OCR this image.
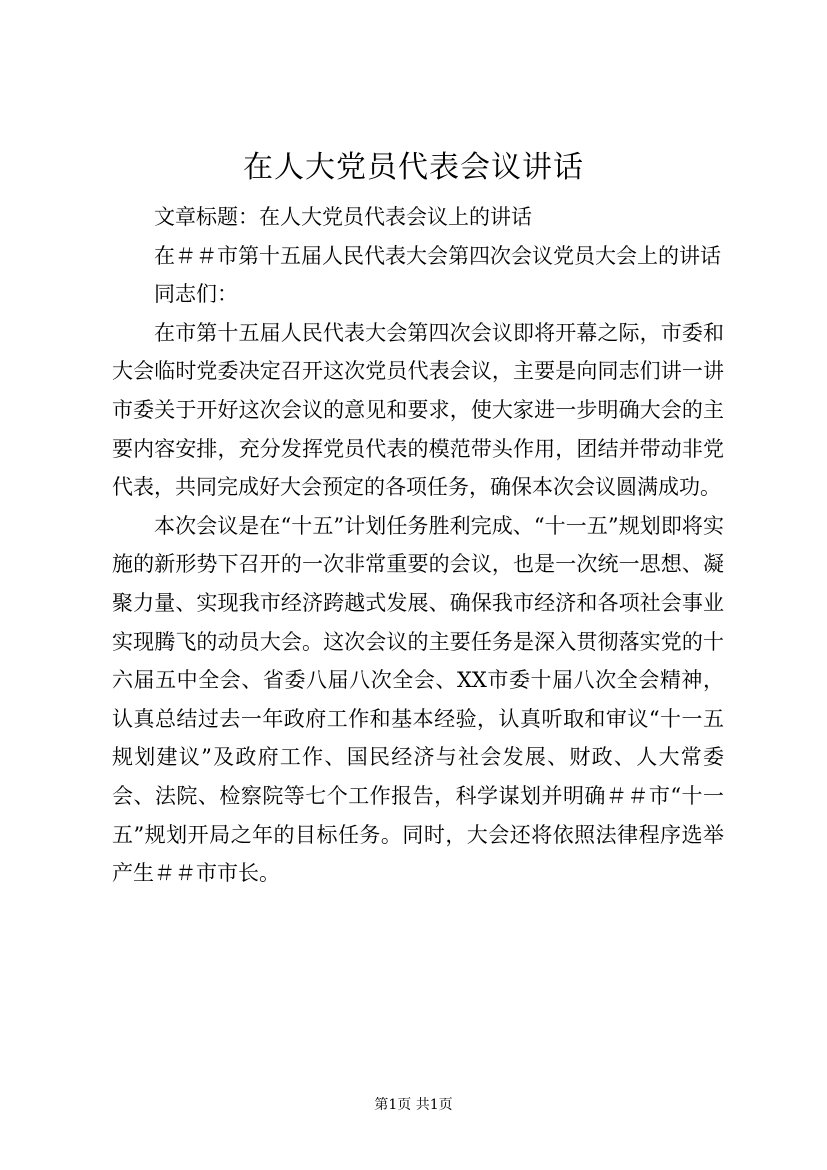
在人大党员代表会议讲话

文章标题：在人大党员代表会议上的讲话

在＃＃市第十五届人民代表大会第四次会议党员大会上的讲话

同志们：

在市第十五届人民代表大会第四次会议即将开幕之际，市委和大会临时党委决定召开这次党员代表会议，主要是向同志们讲一讲市委关于开好这次会议的意见和要求，使大家进一步明确大会的主要内容安排，充分发挥党员代表的模范带头作用，团结并带动非党代表，共同完成好大会预定的各项任务，确保本次会议圆满成功。

本次会议是在“十五”计划任务胜利完成、“十一五”规划即将实施的新形势下召开的一次非常重要的会议，也是一次统一思想、凝聚力量、实现我市经济跨越式发展、确保我市经济和各项社会事业实现腾飞的动员大会。这次会议的主要任务是深入贯彻落实党的十六届五中全会、省委八届八次全会、XX市委十届八次全会精神，认真总结过去一年政府工作和基本经验，认真听取和审议“十一五规划建议”及政府工作、国民经济与社会发展、财政、人大常委会、法院、检察院等七个工作报告，科学谋划并明确＃＃市“十一五”规划开局之年的目标任务。同时，大会还将依照法律程序选举产生＃＃市市长。

第1页 共1页
